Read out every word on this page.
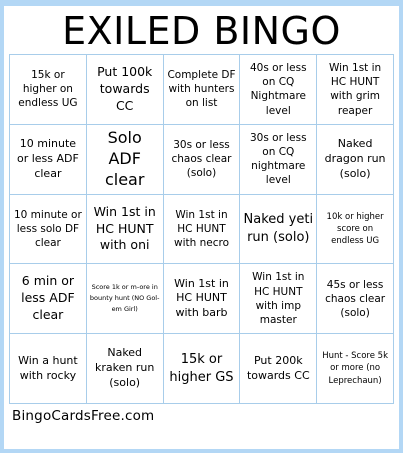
EXILED BINGO
15k or higher on endless UG
Put 100k towards CC
Complete DF with hunters on list
40s or less on CQ Nightmare level
Win 1st in HC HUNT with grim reaper
10 minute or less ADF clear
Solo ADF clear
30s or less chaos clear (solo)
30s or less on CQ nightmare level
Naked dragon run (solo)
10 minute or less solo DF clear
Win 1st in HC HUNT with oni
Win 1st in HC HUNT with necro
Naked yeti run (solo)
10k or higher score on endless UG
6 min or less ADF clear
Score 1k or m-ore in bounty hunt (NO Gol-em Girl)
Win 1st in HC HUNT with barb
Win 1st in HC HUNT with imp master
45s or less chaos clear (solo)
Win a hunt with rocky
Naked kraken run (solo)
15k or higher GS
Put 200k towards CC
Hunt - Score 5k or more (no Leprechaun)
BingoCardsFree.com
